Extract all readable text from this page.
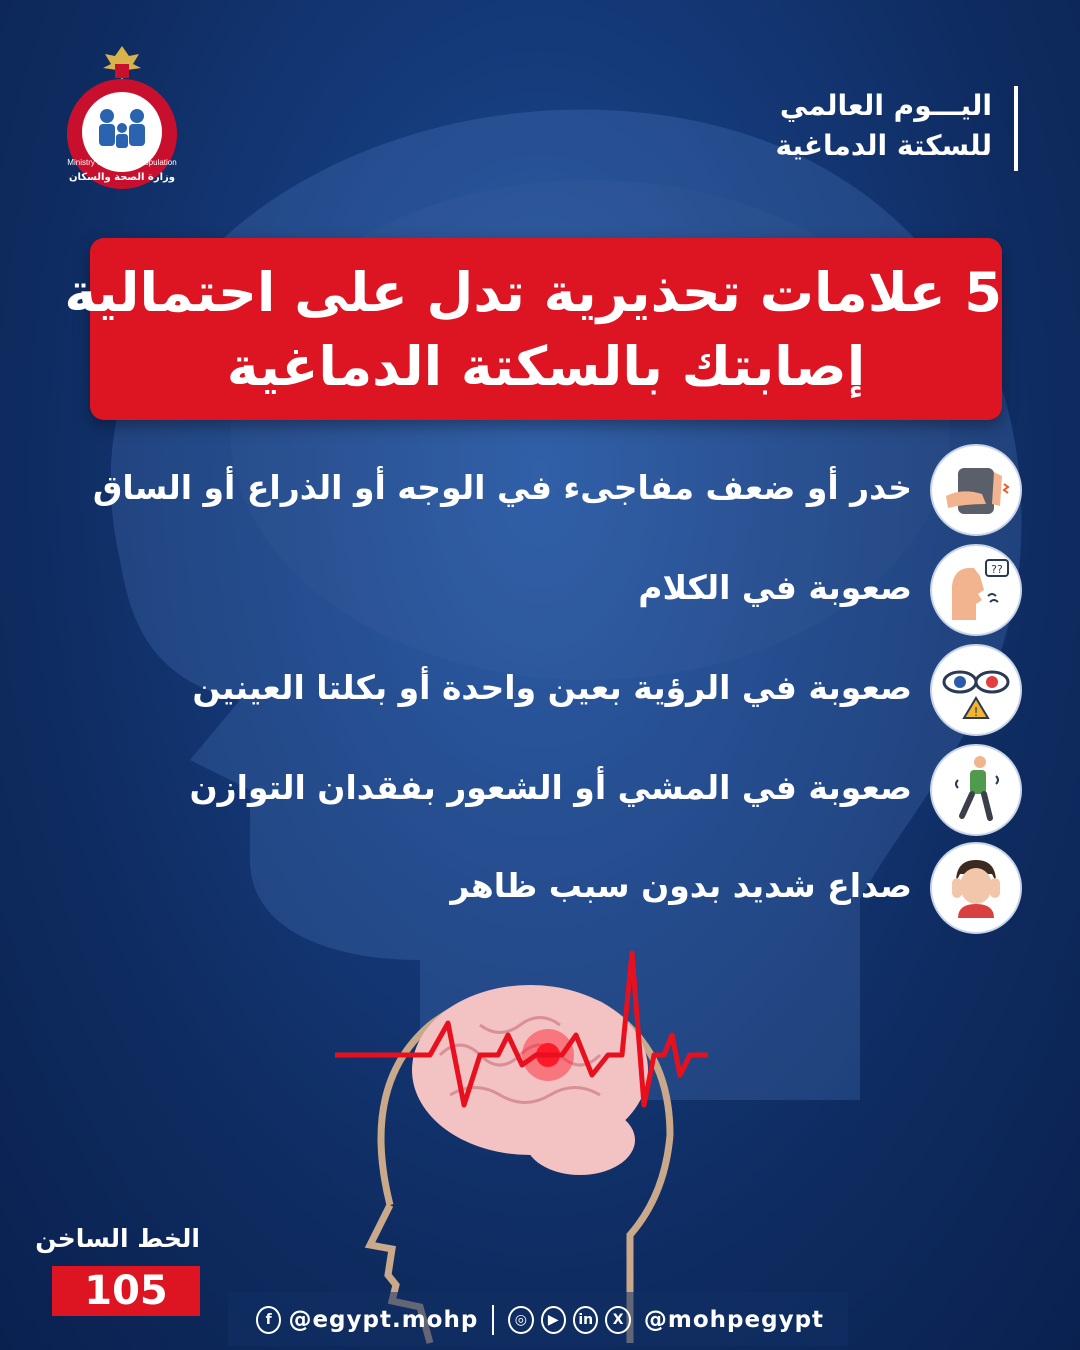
Ministry of Health & Population
وزارة الصحة والسكان
اليـــوم العالمي
للسكتة الدماغية
5 علامات تحذيرية تدل على احتمالية
إصابتك بالسكتة الدماغية
خدر أو ضعف مفاجىء في الوجه أو الذراع أو الساق
??
صعوبة في الكلام
!
صعوبة في الرؤية بعين واحدة أو بكلتا العينين
صعوبة في المشي أو الشعور بفقدان التوازن
صداع شديد بدون سبب ظاهر
الخط الساخن
105
f @egypt.mohp	◎	▶	in	X @mohpegypt
